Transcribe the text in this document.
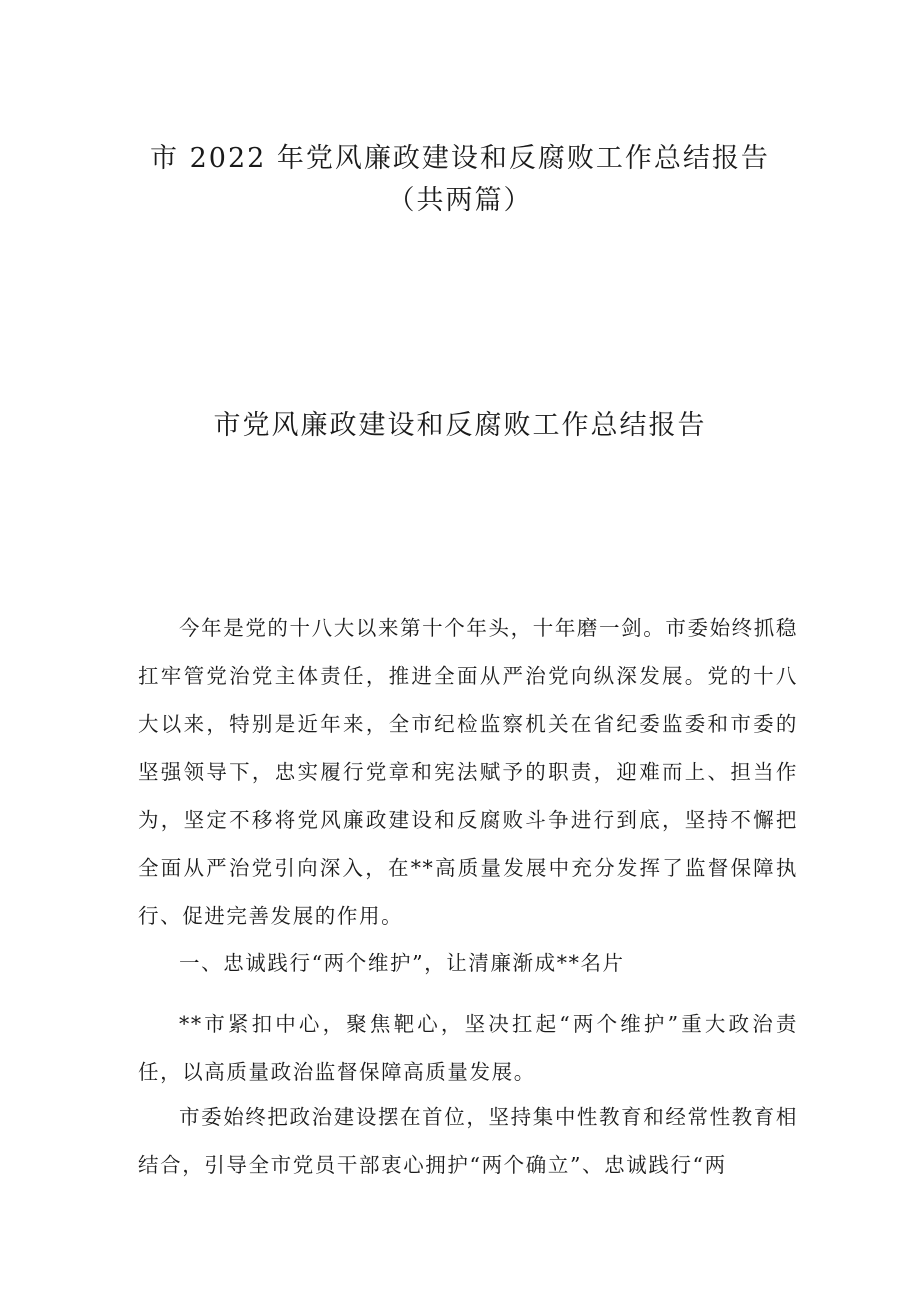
市 2022 年党风廉政建设和反腐败工作总结报告
（共两篇）
市党风廉政建设和反腐败工作总结报告

今年是党的十八大以来第十个年头，十年磨一剑。市委始终抓稳扛牢管党治党主体责任，推进全面从严治党向纵深发展。党的十八大以来，特别是近年来，全市纪检监察机关在省纪委监委和市委的坚强领导下，忠实履行党章和宪法赋予的职责，迎难而上、担当作为，坚定不移将党风廉政建设和反腐败斗争进行到底，坚持不懈把全面从严治党引向深入，在**高质量发展中充分发挥了监督保障执行、促进完善发展的作用。

一、忠诚践行“两个维护”，让清廉渐成**名片

**市紧扣中心，聚焦靶心，坚决扛起“两个维护”重大政治责任，以高质量政治监督保障高质量发展。

市委始终把政治建设摆在首位，坚持集中性教育和经常性教育相结合，引导全市党员干部衷心拥护“两个确立”、忠诚践行“两
